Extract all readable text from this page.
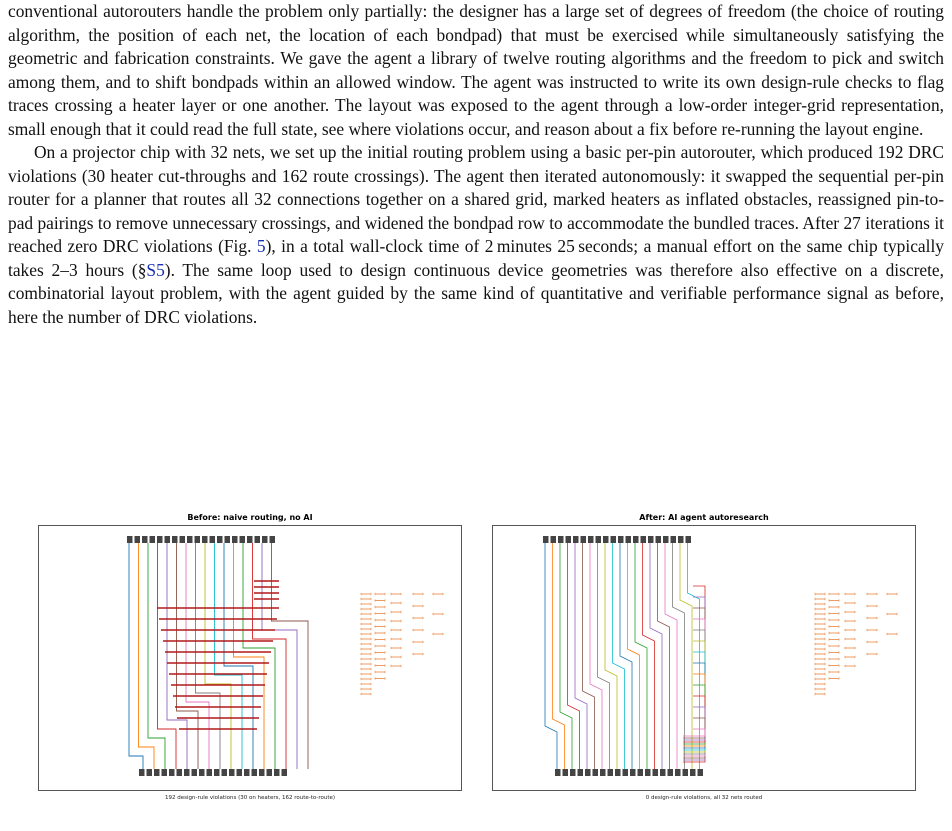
conventional autorouters handle the problem only partially: the designer has a large set of degrees of freedom (the choice of routing algorithm, the position of each net, the location of each bondpad) that must be exercised while simultaneously satisfying the geometric and fabrication constraints. We gave the agent a library of twelve routing algorithms and the freedom to pick and switch among them, and to shift bondpads within an allowed window. The agent was instructed to write its own design-rule checks to flag traces crossing a heater layer or one another. The layout was exposed to the agent through a low-order integer-grid representation, small enough that it could read the full state, see where violations occur, and reason about a fix before re-running the layout engine.

On a projector chip with 32 nets, we set up the initial routing problem using a basic per-pin autorouter, which produced 192 DRC violations (30 heater cut-throughs and 162 route crossings). The agent then iterated autonomously: it swapped the sequential per-pin router for a planner that routes all 32 connections together on a shared grid, marked heaters as inflated obstacles, reassigned pin-to-pad pairings to remove unnecessary crossings, and widened the bondpad row to accommodate the bundled traces. After 27 iterations it reached zero DRC violations (Fig. 5), in a total wall-clock time of 2 minutes 25 seconds; a manual effort on the same chip typically takes 2–3 hours (§S5). The same loop used to design continuous device geometries was therefore also effective on a discrete, combinatorial layout problem, with the agent guided by the same kind of quantitative and verifiable performance signal as before, here the number of DRC violations.

Before: naive routing, no AI
192 design-rule violations (30 on heaters, 162 route-to-route)
After: AI agent autoresearch
0 design-rule violations, all 32 nets routed
